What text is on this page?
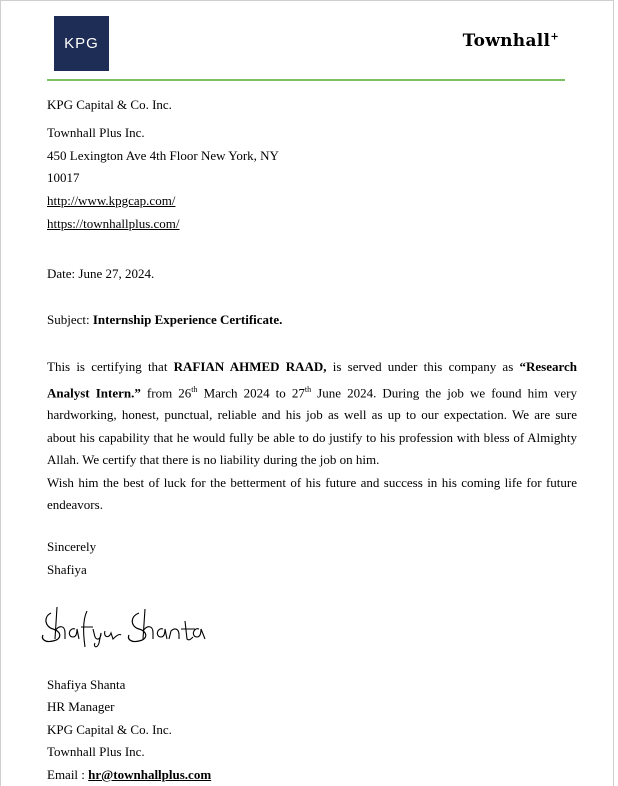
KPG	Townhall+
KPG Capital & Co. Inc.
Townhall Plus Inc.
450 Lexington Ave 4th Floor New York, NY
10017
http://www.kpgcap.com/
https://townhallplus.com/
Date: June 27, 2024.
Subject: Internship Experience Certificate.

This is certifying that RAFIAN AHMED RAAD, is served under this company as “Research Analyst Intern.” from 26th March 2024 to 27th June 2024. During the job we found him very hardworking, honest, punctual, reliable and his job as well as up to our expectation. We are sure about his capability that he would fully be able to do justify to his profession with bless of Almighty Allah. We certify that there is no liability during the job on him.

Wish him the best of luck for the betterment of his future and success in his coming life for future endeavors.

Sincerely
Shafiya
Shafiya Shanta
HR Manager
KPG Capital & Co. Inc.
Townhall Plus Inc.
Email : hr@townhallplus.com
